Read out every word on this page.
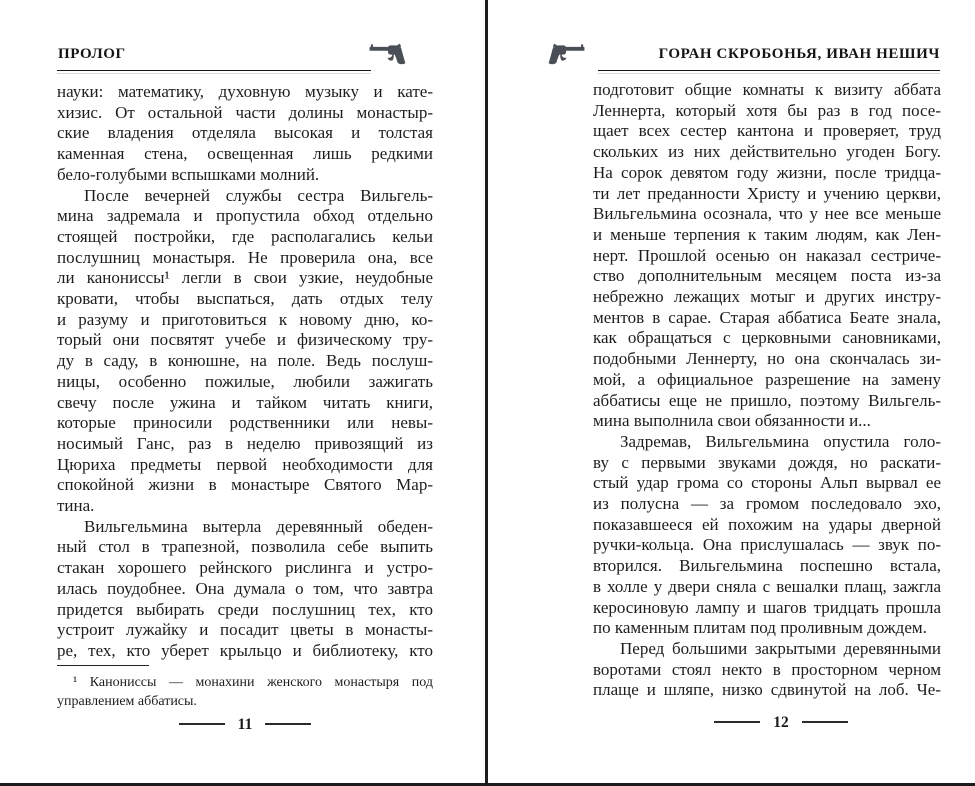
ПРОЛОГ
науки: математику, духовную музыку и кате-
хизис. От остальной части долины монастыр-
ские владения отделяла высокая и толстая
каменная стена, освещенная лишь редкими
бело-голубыми вспышками молний.
После вечерней службы сестра Вильгель-
мина задремала и пропустила обход отдельно
стоящей постройки, где располагались кельи
послушниц монастыря. Не проверила она, все
ли канониссы¹ легли в свои узкие, неудобные
кровати, чтобы выспаться, дать отдых телу
и разуму и приготовиться к новому дню, ко-
торый они посвятят учебе и физическому тру-
ду в саду, в конюшне, на поле. Ведь послуш-
ницы, особенно пожилые, любили зажигать
свечу после ужина и тайком читать книги,
которые приносили родственники или невы-
носимый Ганс, раз в неделю привозящий из
Цюриха предметы первой необходимости для
спокойной жизни в монастыре Святого Мар-
тина.
Вильгельмина вытерла деревянный обеден-
ный стол в трапезной, позволила себе выпить
стакан хорошего рейнского рислинга и устро-
илась поудобнее. Она думала о том, что завтра
придется выбирать среди послушниц тех, кто
устроит лужайку и посадит цветы в монасты-
ре, тех, кто уберет крыльцо и библиотеку, кто
¹ Канониссы — монахини женского монастыря под
управлением аббатисы.
11
ГОРАН СКРОБОНЬЯ, ИВАН НЕШИЧ
подготовит общие комнаты к визиту аббата
Леннерта, который хотя бы раз в год посе-
щает всех сестер кантона и проверяет, труд
скольких из них действительно угоден Богу.
На сорок девятом году жизни, после тридца-
ти лет преданности Христу и учению церкви,
Вильгельмина осознала, что у нее все меньше
и меньше терпения к таким людям, как Лен-
нерт. Прошлой осенью он наказал сестриче-
ство дополнительным месяцем поста из-за
небрежно лежащих мотыг и других инстру-
ментов в сарае. Старая аббатиса Беате знала,
как обращаться с церковными сановниками,
подобными Леннерту, но она скончалась зи-
мой, а официальное разрешение на замену
аббатисы еще не пришло, поэтому Вильгель-
мина выполнила свои обязанности и...
Задремав, Вильгельмина опустила голо-
ву с первыми звуками дождя, но раскати-
стый удар грома со стороны Альп вырвал ее
из полусна — за громом последовало эхо,
показавшееся ей похожим на удары дверной
ручки-кольца. Она прислушалась — звук по-
вторился. Вильгельмина поспешно встала,
в холле у двери сняла с вешалки плащ, зажгла
керосиновую лампу и шагов тридцать прошла
по каменным плитам под проливным дождем.
Перед большими закрытыми деревянными
воротами стоял некто в просторном черном
плаще и шляпе, низко сдвинутой на лоб. Че-
12
